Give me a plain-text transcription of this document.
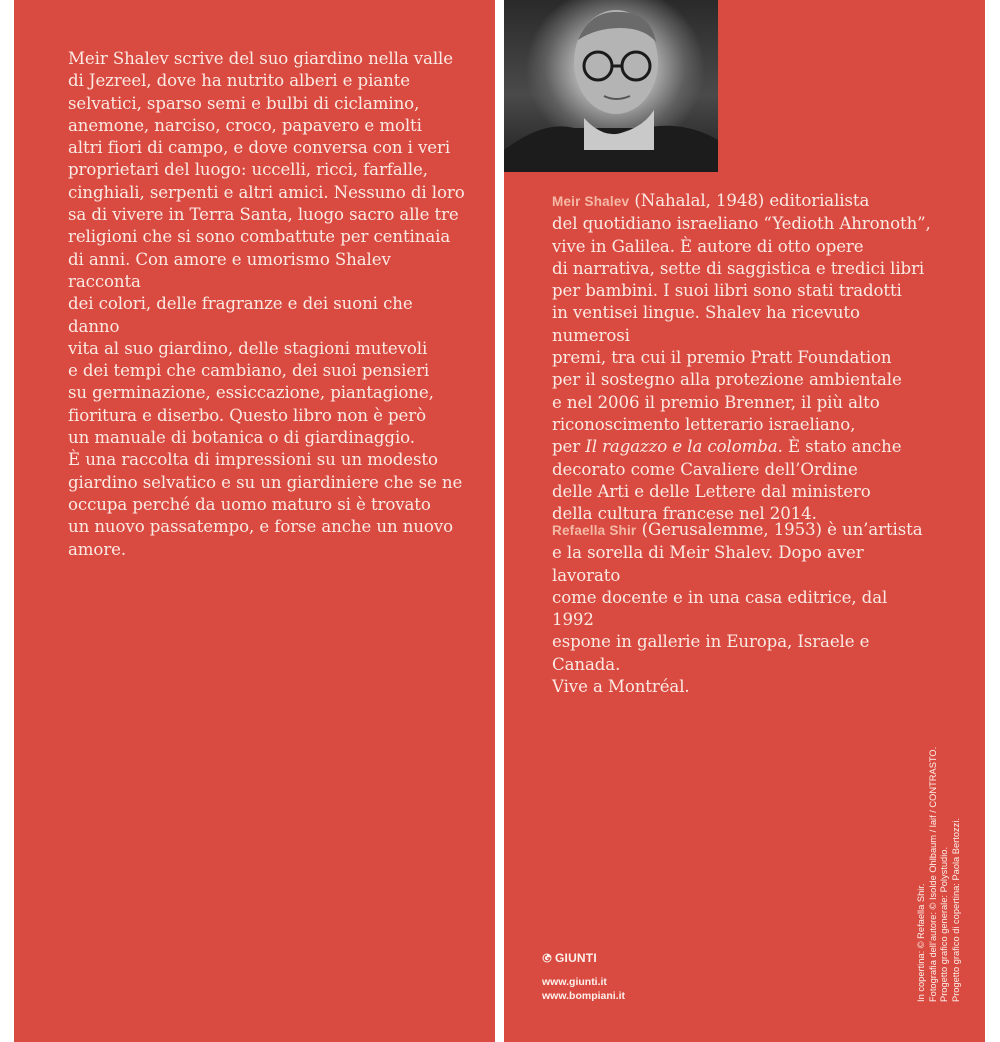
Meir Shalev scrive del suo giardino nella valle
di Jezreel, dove ha nutrito alberi e piante
selvatici, sparso semi e bulbi di ciclamino,
anemone, narciso, croco, papavero e molti
altri fiori di campo, e dove conversa con i veri
proprietari del luogo: uccelli, ricci, farfalle,
cinghiali, serpenti e altri amici. Nessuno di loro
sa di vivere in Terra Santa, luogo sacro alle tre
religioni che si sono combattute per centinaia
di anni. Con amore e umorismo Shalev racconta
dei colori, delle fragranze e dei suoni che danno
vita al suo giardino, delle stagioni mutevoli
e dei tempi che cambiano, dei suoi pensieri
su germinazione, essiccazione, piantagione,
fioritura e diserbo. Questo libro non è però
un manuale di botanica o di giardinaggio.
È una raccolta di impressioni su un modesto
giardino selvatico e su un giardiniere che se ne
occupa perché da uomo maturo si è trovato
un nuovo passatempo, e forse anche un nuovo
amore.

Meir Shalev (Nahalal, 1948) editorialista
del quotidiano israeliano “Yedioth Ahronoth”,
vive in Galilea. È autore di otto opere
di narrativa, sette di saggistica e tredici libri
per bambini. I suoi libri sono stati tradotti
in ventisei lingue. Shalev ha ricevuto numerosi
premi, tra cui il premio Pratt Foundation
per il sostegno alla protezione ambientale
e nel 2006 il premio Brenner, il più alto
riconoscimento letterario israeliano,
per Il ragazzo e la colomba. È stato anche
decorato come Cavaliere dell’Ordine
delle Arti e delle Lettere dal ministero
della cultura francese nel 2014.

Refaella Shir (Gerusalemme, 1953) è un’artista
e la sorella di Meir Shalev. Dopo aver lavorato
come docente e in una casa editrice, dal 1992
espone in gallerie in Europa, Israele e Canada.
Vive a Montréal.

GIUNTI

www.giunti.it
www.bompiani.it	In copertina: © Refaella Shir. Fotografia dell’autore: © Isolde Ohlbaum / laif / CONTRASTO. Progetto grafico generale: Polystudio. Progetto grafico di copertina: Paola Bertozzi.
